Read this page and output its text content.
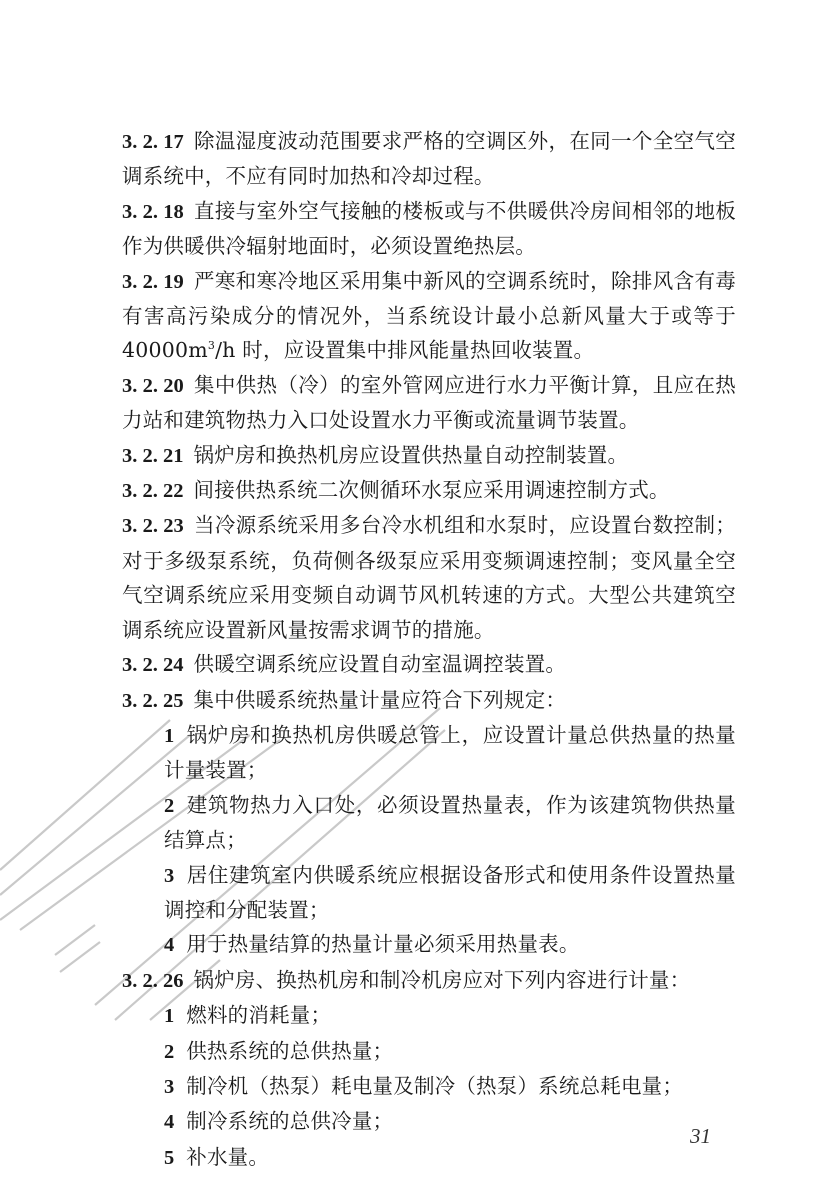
3. 2. 17 除温湿度波动范围要求严格的空调区外，在同一个全空气空调系统中，不应有同时加热和冷却过程。

3. 2. 18 直接与室外空气接触的楼板或与不供暖供冷房间相邻的地板作为供暖供冷辐射地面时，必须设置绝热层。

3. 2. 19 严寒和寒冷地区采用集中新风的空调系统时，除排风含有毒有害高污染成分的情况外，当系统设计最小总新风量大于或等于 $40000m^3/h$ 时，应设置集中排风能量热回收装置。

3. 2. 20 集中供热（冷）的室外管网应进行水力平衡计算，且应在热力站和建筑物热力入口处设置水力平衡或流量调节装置。

3. 2. 21 锅炉房和换热机房应设置供热量自动控制装置。

3. 2. 22 间接供热系统二次侧循环水泵应采用调速控制方式。

3. 2. 23 当冷源系统采用多台冷水机组和水泵时，应设置台数控制；对于多级泵系统，负荷侧各级泵应采用变频调速控制；变风量全空气空调系统应采用变频自动调节风机转速的方式。大型公共建筑空调系统应设置新风量按需求调节的措施。

3. 2. 24 供暖空调系统应设置自动室温调控装置。

3. 2. 25 集中供暖系统热量计量应符合下列规定：

1 锅炉房和换热机房供暖总管上，应设置计量总供热量的热量计量装置；

2 建筑物热力入口处，必须设置热量表，作为该建筑物供热量结算点；

3 居住建筑室内供暖系统应根据设备形式和使用条件设置热量调控和分配装置；

4 用于热量结算的热量计量必须采用热量表。

3. 2. 26 锅炉房、换热机房和制冷机房应对下列内容进行计量：

1 燃料的消耗量；

2 供热系统的总供热量；

3 制冷机（热泵）耗电量及制冷（热泵）系统总耗电量；

4 制冷系统的总供冷量；

5 补水量。

31
